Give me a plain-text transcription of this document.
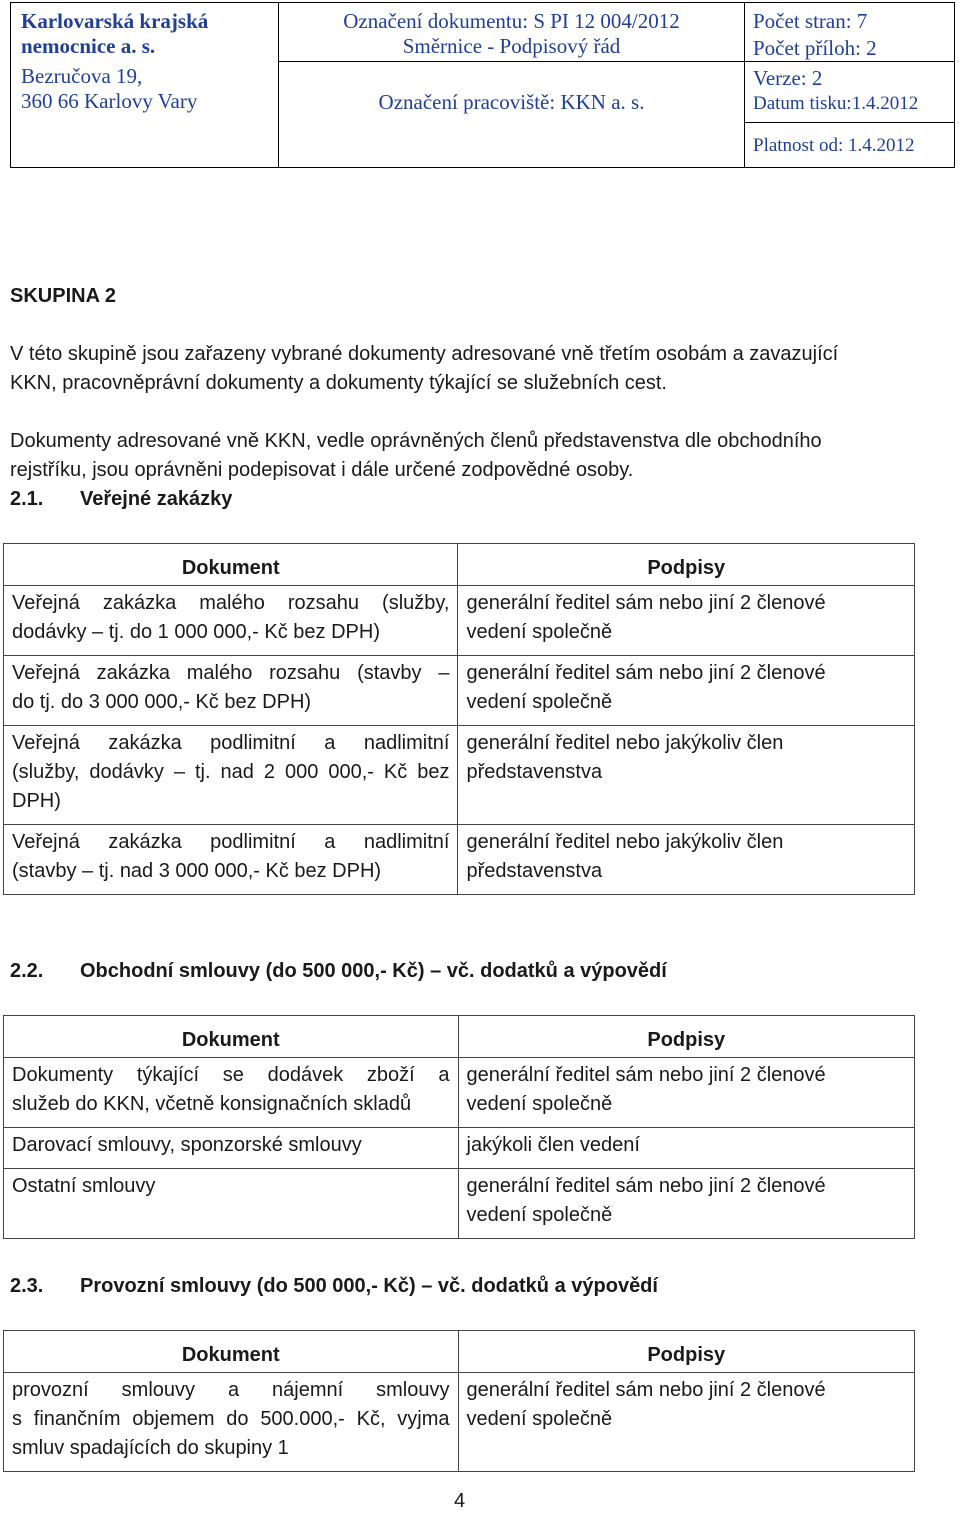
Karlovarská krajská
nemocnice a. s.
Bezručova 19,
360 66 Karlovy Vary
Označení dokumentu: S PI 12 004/2012
Směrnice - Podpisový řád
Označení pracoviště: KKN a. s.
Počet stran: 7
Počet příloh: 2
Verze: 2
Datum tisku:1.4.2012
Platnost od: 1.4.2012
SKUPINA 2
V této skupině jsou zařazeny vybrané dokumenty adresované vně třetím osobám a zavazující
KKN, pracovněprávní dokumenty a dokumenty týkající se služebních cest.
Dokumenty adresované vně KKN, vedle oprávněných členů představenstva dle obchodního
rejstříku, jsou oprávněni podepisovat i dále určené zodpovědné osoby.
2.1. Veřejné zakázky
Dokument	Podpisy

Veřejná zakázka malého rozsahu (služby,
dodávky – tj. do 1 000 000,- Kč bez DPH)	generální ředitel sám nebo jiní 2 členové
vedení společně

Veřejná zakázka malého rozsahu (stavby –
do tj. do 3 000 000,- Kč bez DPH)	generální ředitel sám nebo jiní 2 členové
vedení společně

Veřejná zakázka podlimitní a nadlimitní
(služby, dodávky – tj. nad 2 000 000,- Kč bez
DPH)	generální ředitel nebo jakýkoliv člen
představenstva

Veřejná zakázka podlimitní a nadlimitní
(stavby – tj. nad 3 000 000,- Kč bez DPH)	generální ředitel nebo jakýkoliv člen
představenstva
2.2. Obchodní smlouvy (do 500 000,- Kč) – vč. dodatků a výpovědí
Dokument	Podpisy

Dokumenty týkající se dodávek zboží a
služeb do KKN, včetně konsignačních skladů	generální ředitel sám nebo jiní 2 členové
vedení společně

Darovací smlouvy, sponzorské smlouvy	jakýkoli člen vedení

Ostatní smlouvy	generální ředitel sám nebo jiní 2 členové
vedení společně
2.3. Provozní smlouvy (do 500 000,- Kč) – vč. dodatků a výpovědí
Dokument	Podpisy

provozní smlouvy a nájemní smlouvy
s finančním objemem do 500.000,- Kč, vyjma
smluv spadajících do skupiny 1	generální ředitel sám nebo jiní 2 členové
vedení společně
4
